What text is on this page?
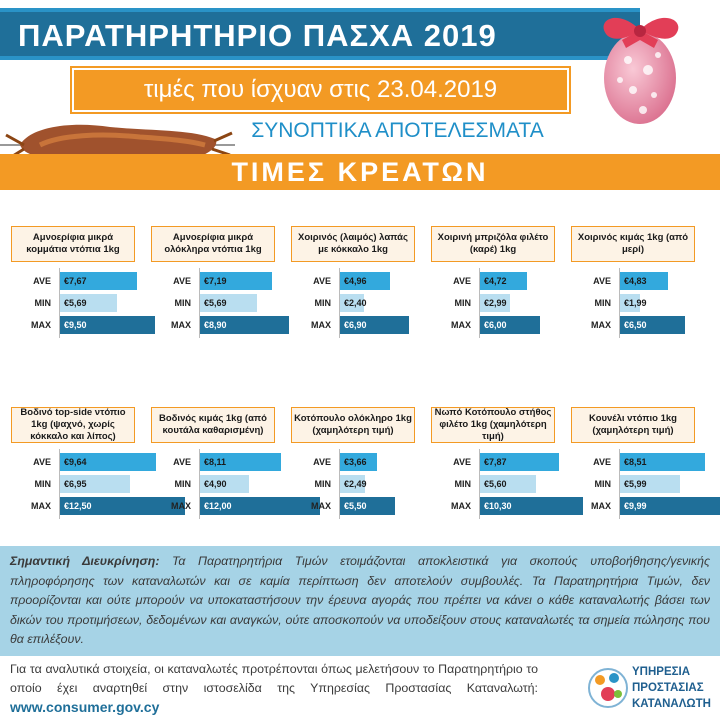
ΠΑΡΑΤΗΡΗΤΗΡΙΟ ΠΑΣΧΑ 2019
τιμές που ίσχυαν στις 23.04.2019
ΣΥΝΟΠΤΙΚΑ ΑΠΟΤΕΛΕΣΜΑΤΑ
ΤΙΜΕΣ ΚΡΕΑΤΩΝ
Αμνοερίφια μικρά κομμάτια ντόπια 1kg
AVE €7,67
MIN €5,69
MAX €9,50
Αμνοερίφια μικρά ολόκληρα ντόπια 1kg
AVE €7,19
MIN €5,69
MAX €8,90
Χοιρινός (λαιμός) λαπάς με κόκκαλο 1kg
AVE €4,96
MIN €2,40
MAX €6,90
Χοιρινή μπριζόλα φιλέτο (καρέ) 1kg
AVE €4,72
MIN €2,99
MAX €6,00
Χοιρινός κιμάς 1kg (από μερί)
AVE €4,83
MIN €1,99
MAX €6,50
Βοδινό top-side ντόπιο 1kg (ψαχνό, χωρίς κόκκαλο και λίπος)
AVE €9,64
MIN €6,95
MAX €12,50
Βοδινός κιμάς 1kg (από κουτάλα καθαρισμένη)
AVE €8,11
MIN €4,90
MAX €12,00
Κοτόπουλο ολόκληρο 1kg (χαμηλότερη τιμή)
AVE €3,66
MIN €2,49
MAX €5,50
Νωπό Κοτόπουλο στήθος φιλέτο 1kg (χαμηλότερη τιμή)
AVE €7,87
MIN €5,60
MAX €10,30
Κουνέλι ντόπιο 1kg (χαμηλότερη τιμή)
AVE €8,51
MIN €5,99
MAX €9,99

Σημαντική Διευκρίνηση: Τα Παρατηρητήρια Τιμών ετοιμάζονται αποκλειστικά για σκοπούς υποβοήθησης/γενικής πληροφόρησης των καταναλωτών και σε καμία περίπτωση δεν αποτελούν συμβουλές. Τα Παρατηρητήρια Τιμών, δεν προορίζονται και ούτε μπορούν να υποκαταστήσουν την έρευνα αγοράς που πρέπει να κάνει ο κάθε καταναλωτής βάσει των δικών του προτιμήσεων, δεδομένων και αναγκών, ούτε αποσκοπούν να υποδείξουν στους καταναλωτές τα σημεία πώλησης που θα επιλέξουν.

Για τα αναλυτικά στοιχεία, οι καταναλωτές προτρέπονται όπως μελετήσουν το Παρατηρητήριο το οποίο έχει αναρτηθεί στην ιστοσελίδα της Υπηρεσίας Προστασίας Καταναλωτή: www.consumer.gov.cy
ΥΠΗΡΕΣΙΑ
ΠΡΟΣΤΑΣΙΑΣ
ΚΑΤΑΝΑΛΩΤΗ
